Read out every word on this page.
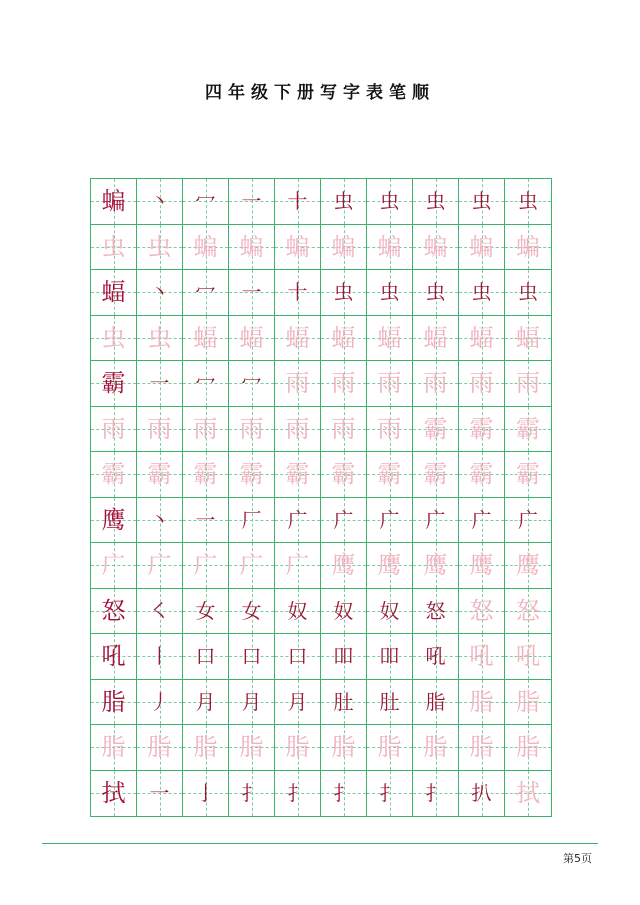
四年级下册写字表笔顺
蝙 丶 冖 一 十 虫 虫 虫 虫 虫
虫 虫 蝙 蝙 蝙 蝙 蝙 蝙 蝙 蝙
蝠 丶 冖 一 十 虫 虫 虫 虫 虫
虫 虫 蝠 蝠 蝠 蝠 蝠 蝠 蝠 蝠
霸 一 冖 冖 雨 雨 雨 雨 雨 雨
雨 雨 雨 雨 雨 雨 雨 霸 霸 霸
霸 霸 霸 霸 霸 霸 霸 霸 霸 霸
鹰 丶 一 厂 广 广 广 广 广 广
广 广 广 广 广 鹰 鹰 鹰 鹰 鹰
怒 ㇛ 女 女 奴 奴 奴 怒 怒 怒
吼 丨 口 口 口 吅 吅 吼 吼 吼
脂 丿 月 月 月 肚 肚 脂 脂 脂
脂 脂 脂 脂 脂 脂 脂 脂 脂 脂
拭 一 亅 扌 扌 扌 扌 扌 扒 拭
第5页
